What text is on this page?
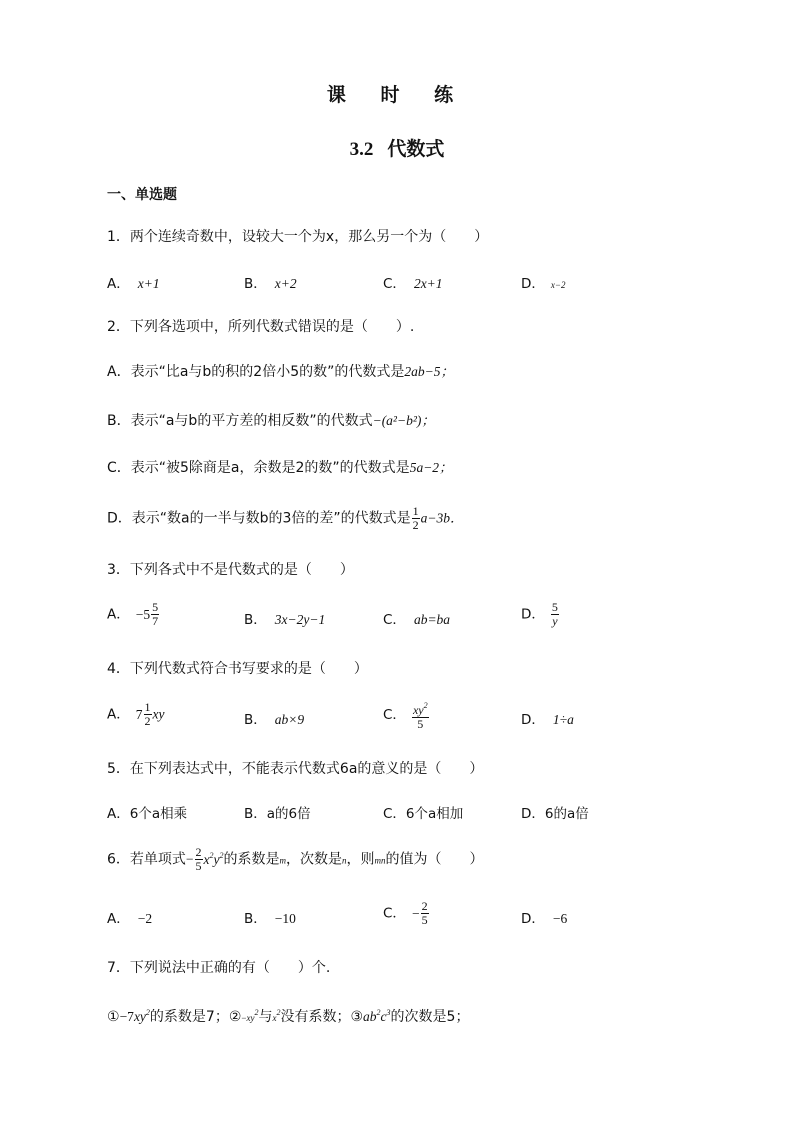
课 时 练
3.2 代数式
一、单选题
1．两个连续奇数中，设较大一个为x，那么另一个为（　　）
A． x+1	B． x+2	C． 2x+1	D． x−2
2．下列各选项中，所列代数式错误的是（　　）.
A．表示“比a与b的积的2倍小5的数”的代数式是2ab−5；
B．表示“a与b的平方差的相反数”的代数式−(a²−b²)；
C．表示“被5除商是a，余数是2的数”的代数式是5a−2；
D．表示“数a的一半与数b的3倍的差”的代数式是 $\frac{1}{2} a-3b$．
3．下列各式中不是代数式的是（　　）
A． $-5 \frac{5}{7}$	B． 3x−2y−1	C． ab=ba	D． $\frac{5}{y}$
4．下列代数式符合书写要求的是（　　）
A． $7 \frac{1}{2}$ xy	B． ab×9	C． $\frac{xy^2}{5}$	D． 1÷a
5．在下列表达式中，不能表示代数式6a的意义的是（　　）
A．6个a相乘	B．a的6倍	C．6个a相加	D．6的a倍
6．若单项式− $\frac{2}{5} x^2y^2$的系数是m，次数是n，则mn的值为（　　）
A． −2	B． −10	C． − $\frac{2}{5}$	D． −6
7．下列说法中正确的有（　　）个.
$①-7xy^2$的系数是7；$②-xy^2$与$x^2$没有系数；$③ab^2c^3$的次数是5；
